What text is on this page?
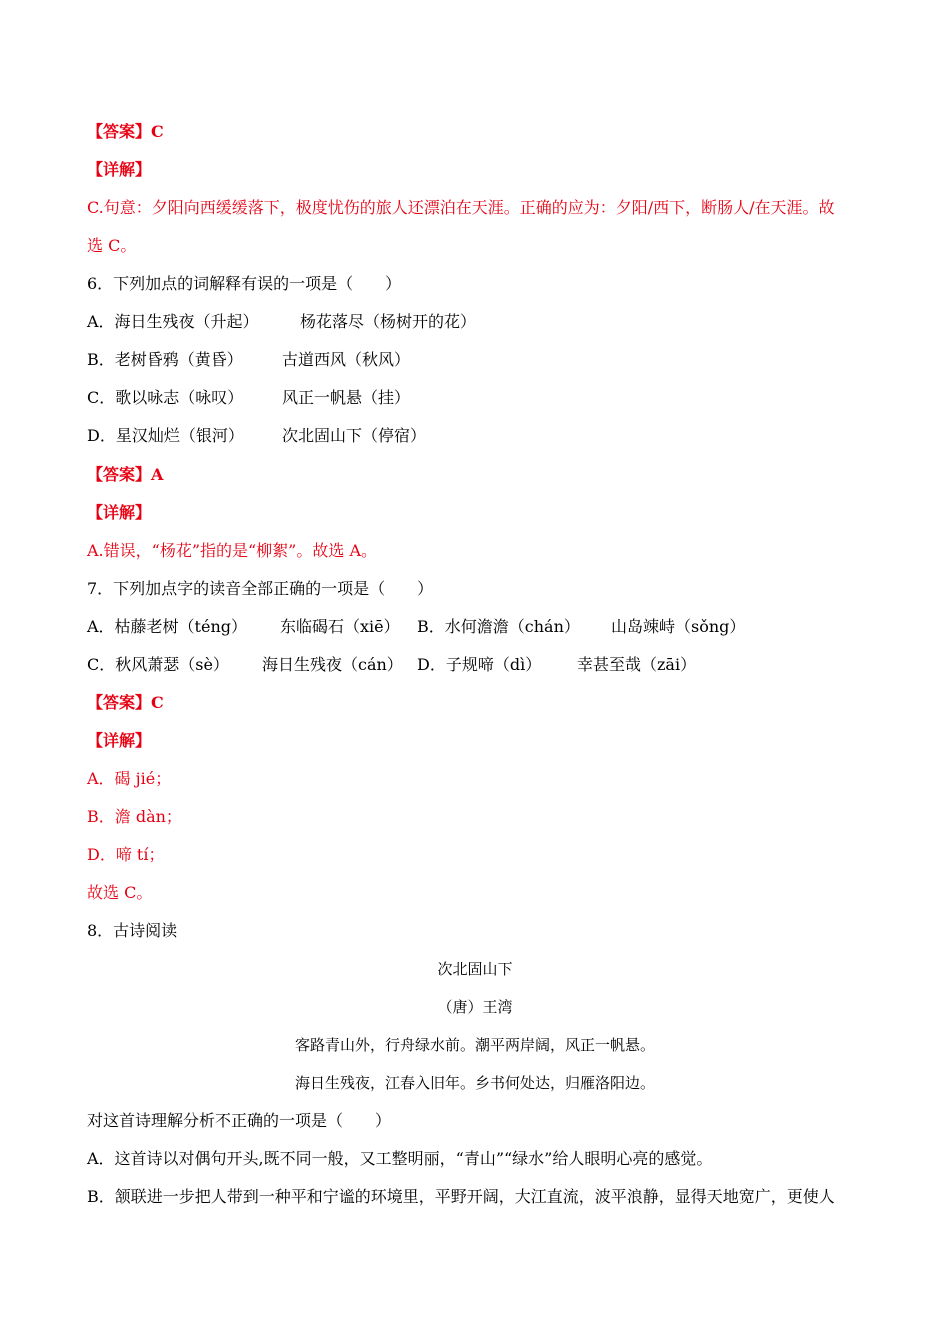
【答案】C
【详解】
C.句意：夕阳向西缓缓落下，极度忧伤的旅人还漂泊在天涯。正确的应为：夕阳/西下，断肠人/在天涯。故
选 C。
6．下列加点的词解释有误的一项是（　　）
A．海日生残夜（升起）	杨花落尽（杨树开的花）
B．老树昏鸦（黄昏） 古道西风（秋风）
C．歌以咏志（咏叹） 风正一帆悬（挂）
D．星汉灿烂（银河） 次北固山下（停宿）
【答案】A
【详解】
A.错误，“杨花”指的是“柳絮”。故选 A。
7．下列加点字的读音全部正确的一项是（　　）
A．枯藤老树（téng） 东临碣石（xiē） B．水何澹澹（chán） 山岛竦峙（sǒng）
C．秋风萧瑟（sè） 海日生残夜（cán） D．子规啼（dì） 幸甚至哉（zāi）
【答案】C
【详解】
A．碣 jié；
B．澹 dàn；
D．啼 tí；
故选 C。
8．古诗阅读
次北固山下
（唐）王湾
客路青山外，行舟绿水前。潮平两岸阔，风正一帆悬。
海日生残夜，江春入旧年。乡书何处达，归雁洛阳边。
对这首诗理解分析不正确的一项是（　　）
A．这首诗以对偶句开头,既不同一般，又工整明丽，“青山”“绿水”给人眼明心亮的感觉。
B．颔联进一步把人带到一种平和宁谧的环境里，平野开阔，大江直流，波平浪静，显得天地宽广，更使人
